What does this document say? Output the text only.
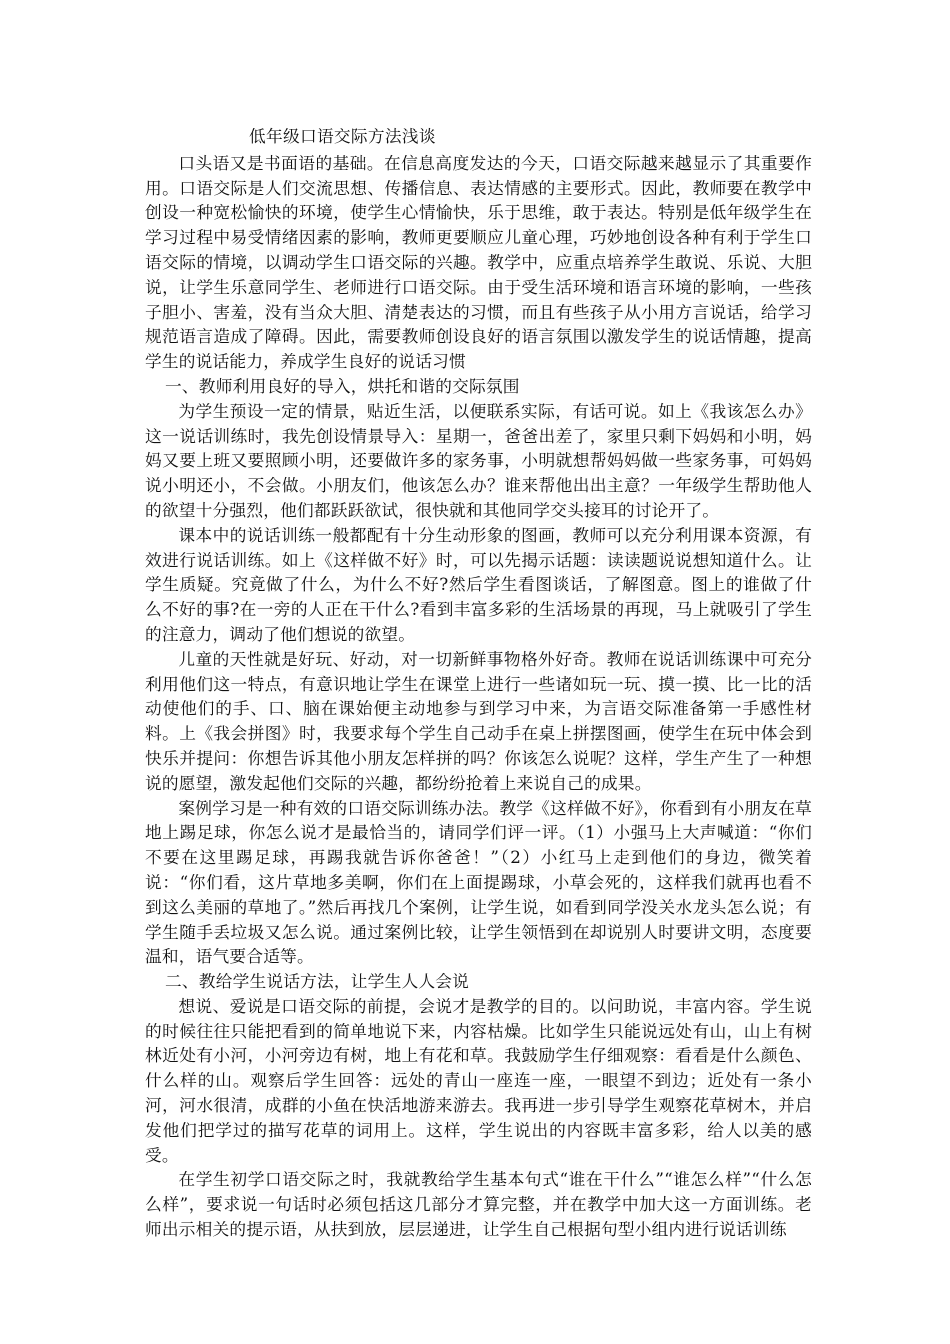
低年级口语交际方法浅谈

口头语又是书面语的基础。在信息高度发达的今天，口语交际越来越显示了其重要作用。口语交际是人们交流思想、传播信息、表达情感的主要形式。因此，教师要在教学中创设一种宽松愉快的环境，使学生心情愉快，乐于思维，敢于表达。特别是低年级学生在学习过程中易受情绪因素的影响，教师更要顺应儿童心理，巧妙地创设各种有利于学生口语交际的情境，以调动学生口语交际的兴趣。教学中，应重点培养学生敢说、乐说、大胆说，让学生乐意同学生、老师进行口语交际。由于受生活环境和语言环境的影响，一些孩子胆小、害羞，没有当众大胆、清楚表达的习惯，而且有些孩子从小用方言说话，给学习规范语言造成了障碍。因此，需要教师创设良好的语言氛围以激发学生的说话情趣，提高学生的说话能力，养成学生良好的说话习惯

一、教师利用良好的导入，烘托和谐的交际氛围

为学生预设一定的情景，贴近生活，以便联系实际，有话可说。如上《我该怎么办》这一说话训练时，我先创设情景导入：星期一，爸爸出差了，家里只剩下妈妈和小明，妈妈又要上班又要照顾小明，还要做许多的家务事，小明就想帮妈妈做一些家务事，可妈妈说小明还小，不会做。小朋友们，他该怎么办？谁来帮他出出主意？一年级学生帮助他人的欲望十分强烈，他们都跃跃欲试，很快就和其他同学交头接耳的讨论开了。

课本中的说话训练一般都配有十分生动形象的图画，教师可以充分利用课本资源，有效进行说话训练。如上《这样做不好》时，可以先揭示话题：读读题说说想知道什么。让学生质疑。究竟做了什么，为什么不好?然后学生看图谈话，了解图意。图上的谁做了什么不好的事?在一旁的人正在干什么?看到丰富多彩的生活场景的再现，马上就吸引了学生的注意力，调动了他们想说的欲望。

儿童的天性就是好玩、好动，对一切新鲜事物格外好奇。教师在说话训练课中可充分利用他们这一特点，有意识地让学生在课堂上进行一些诸如玩一玩、摸一摸、比一比的活动使他们的手、口、脑在课始便主动地参与到学习中来，为言语交际准备第一手感性材料。上《我会拼图》时，我要求每个学生自己动手在桌上拼摆图画，使学生在玩中体会到快乐并提问：你想告诉其他小朋友怎样拼的吗？你该怎么说呢？这样，学生产生了一种想说的愿望，激发起他们交际的兴趣，都纷纷抢着上来说自己的成果。

案例学习是一种有效的口语交际训练办法。教学《这样做不好》，你看到有小朋友在草地上踢足球，你怎么说才是最恰当的，请同学们评一评。（1）小强马上大声喊道：“你们不要在这里踢足球，再踢我就告诉你爸爸！”（2）小红马上走到他们的身边，微笑着说：“你们看，这片草地多美啊，你们在上面提踢球，小草会死的，这样我们就再也看不到这么美丽的草地了。”然后再找几个案例，让学生说，如看到同学没关水龙头怎么说；有学生随手丢垃圾又怎么说。通过案例比较，让学生领悟到在却说别人时要讲文明，态度要温和，语气要合适等。

二、教给学生说话方法，让学生人人会说

想说、爱说是口语交际的前提，会说才是教学的目的。以问助说，丰富内容。学生说的时候往往只能把看到的简单地说下来，内容枯燥。比如学生只能说远处有山，山上有树林近处有小河，小河旁边有树，地上有花和草。我鼓励学生仔细观察：看看是什么颜色、什么样的山。观察后学生回答：远处的青山一座连一座，一眼望不到边；近处有一条小河，河水很清，成群的小鱼在快活地游来游去。我再进一步引导学生观察花草树木，并启发他们把学过的描写花草的词用上。这样，学生说出的内容既丰富多彩，给人以美的感受。

在学生初学口语交际之时，我就教给学生基本句式“谁在干什么”“谁怎么样”“什么怎么样”，要求说一句话时必须包括这几部分才算完整，并在教学中加大这一方面训练。老师出示相关的提示语，从扶到放，层层递进，让学生自己根据句型小组内进行说话训练
